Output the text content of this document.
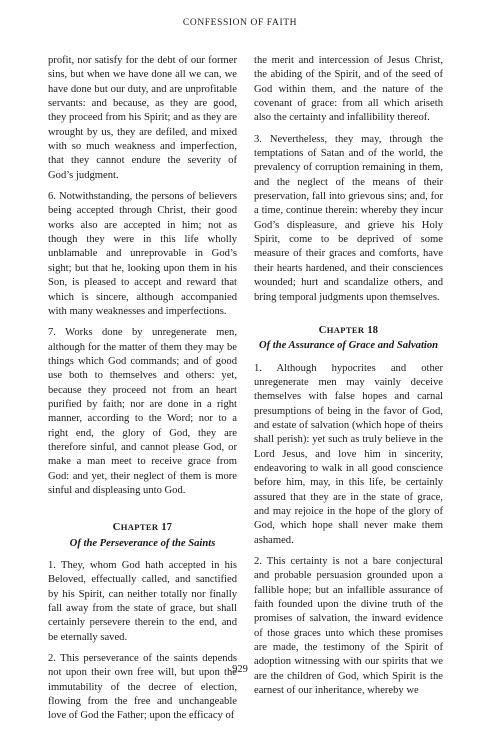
CONFESSION OF FAITH

profit, nor satisfy for the debt of our former sins, but when we have done all we can, we have done but our duty, and are unprofitable servants: and because, as they are good, they proceed from his Spirit; and as they are wrought by us, they are defiled, and mixed with so much weakness and imperfection, that they cannot endure the severity of God’s judgment.

6. Notwithstanding, the persons of believers being accepted through Christ, their good works also are accepted in him; not as though they were in this life wholly unblamable and unreprovable in God’s sight; but that he, looking upon them in his Son, is pleased to accept and reward that which is sincere, although accompanied with many weaknesses and imperfections.

7. Works done by unregenerate men, although for the matter of them they may be things which God commands; and of good use both to themselves and others: yet, because they proceed not from an heart purified by faith; nor are done in a right manner, according to the Word; nor to a right end, the glory of God, they are therefore sinful, and cannot please God, or make a man meet to receive grace from God: and yet, their neglect of them is more sinful and displeasing unto God.

CHAPTER 17
Of the Perseverance of the Saints

1. They, whom God hath accepted in his Beloved, effectually called, and sanctified by his Spirit, can neither totally nor finally fall away from the state of grace, but shall certainly persevere therein to the end, and be eternally saved.

2. This perseverance of the saints depends not upon their own free will, but upon the immutability of the decree of election, flowing from the free and unchangeable love of God the Father; upon the efficacy of

the merit and intercession of Jesus Christ, the abiding of the Spirit, and of the seed of God within them, and the nature of the covenant of grace: from all which ariseth also the certainty and infallibility thereof.

3. Nevertheless, they may, through the temptations of Satan and of the world, the prevalency of corruption remaining in them, and the neglect of the means of their preservation, fall into grievous sins; and, for a time, continue therein: whereby they incur God’s displeasure, and grieve his Holy Spirit, come to be deprived of some measure of their graces and comforts, have their hearts hardened, and their consciences wounded; hurt and scandalize others, and bring temporal judgments upon themselves.

CHAPTER 18
Of the Assurance of Grace and Salvation

1. Although hypocrites and other unregenerate men may vainly deceive themselves with false hopes and carnal presumptions of being in the favor of God, and estate of salvation (which hope of theirs shall perish): yet such as truly believe in the Lord Jesus, and love him in sincerity, endeavoring to walk in all good conscience before him, may, in this life, be certainly assured that they are in the state of grace, and may rejoice in the hope of the glory of God, which hope shall never make them ashamed.

2. This certainty is not a bare conjectural and probable persuasion grounded upon a fallible hope; but an infallible assurance of faith founded upon the divine truth of the promises of salvation, the inward evidence of those graces unto which these promises are made, the testimony of the Spirit of adoption witnessing with our spirits that we are the children of God, which Spirit is the earnest of our inheritance, whereby we

929
